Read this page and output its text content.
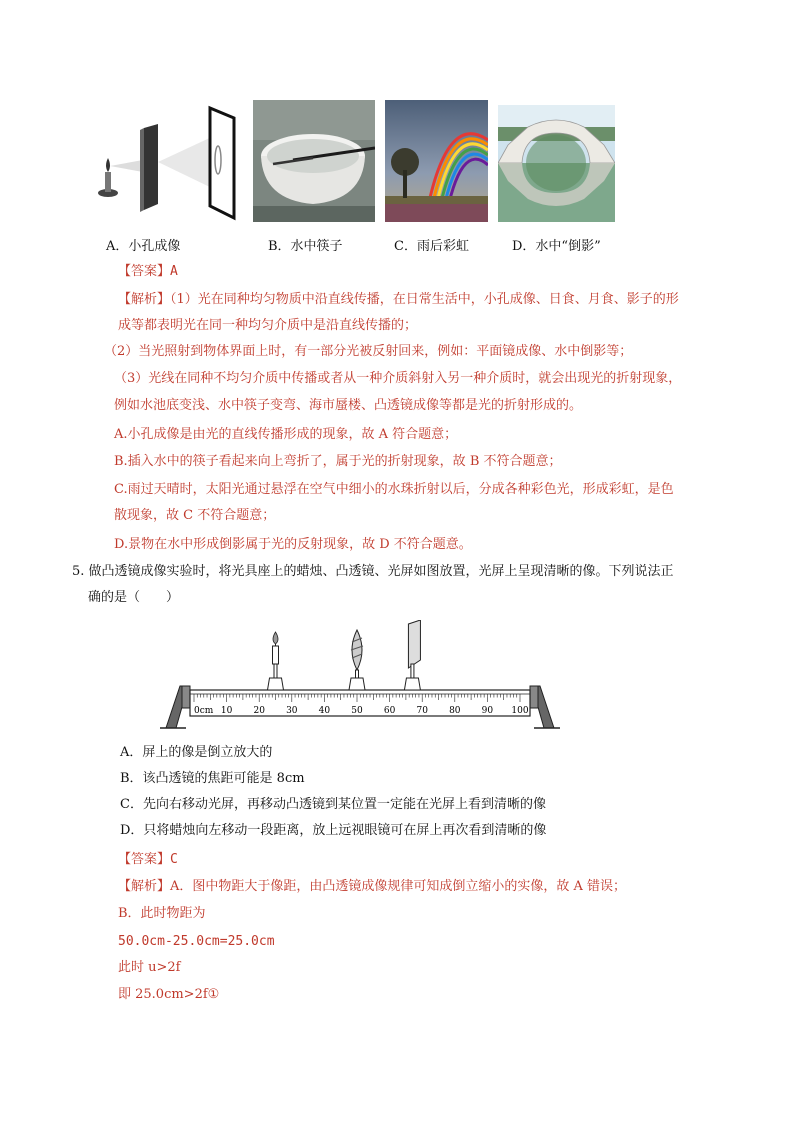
A．小孔成像	B．水中筷子	C．雨后彩虹	D．水中“倒影”
【答案】A
【解析】（1）光在同种均匀物质中沿直线传播，在日常生活中，小孔成像、日食、月食、影子的形
成等都表明光在同一种均匀介质中是沿直线传播的；
（2）当光照射到物体界面上时，有一部分光被反射回来，例如：平面镜成像、水中倒影等；
（3）光线在同种不均匀介质中传播或者从一种介质斜射入另一种介质时，就会出现光的折射现象，
例如水池底变浅、水中筷子变弯、海市蜃楼、凸透镜成像等都是光的折射形成的。
A.小孔成像是由光的直线传播形成的现象，故 A 符合题意；
B.插入水中的筷子看起来向上弯折了，属于光的折射现象，故 B 不符合题意；
C.雨过天晴时，太阳光通过悬浮在空气中细小的水珠折射以后，分成各种彩色光，形成彩虹，是色
散现象，故 C 不符合题意；
D.景物在水中形成倒影属于光的反射现象，故 D 不符合题意。
5. 做凸透镜成像实验时，将光具座上的蜡烛、凸透镜、光屏如图放置，光屏上呈现清晰的像。下列说法正
确的是（　　）
0cm 10 20 30 40 50 60 70 80 90 100
A．屏上的像是倒立放大的
B．该凸透镜的焦距可能是 8cm
C．先向右移动光屏，再移动凸透镜到某位置一定能在光屏上看到清晰的像
D．只将蜡烛向左移动一段距离，放上远视眼镜可在屏上再次看到清晰的像
【答案】C
【解析】A．图中物距大于像距，由凸透镜成像规律可知成倒立缩小的实像，故 A 错误；
B．此时物距为
50.0cm-25.0cm=25.0cm
此时 u>2f
即 25.0cm>2f①
